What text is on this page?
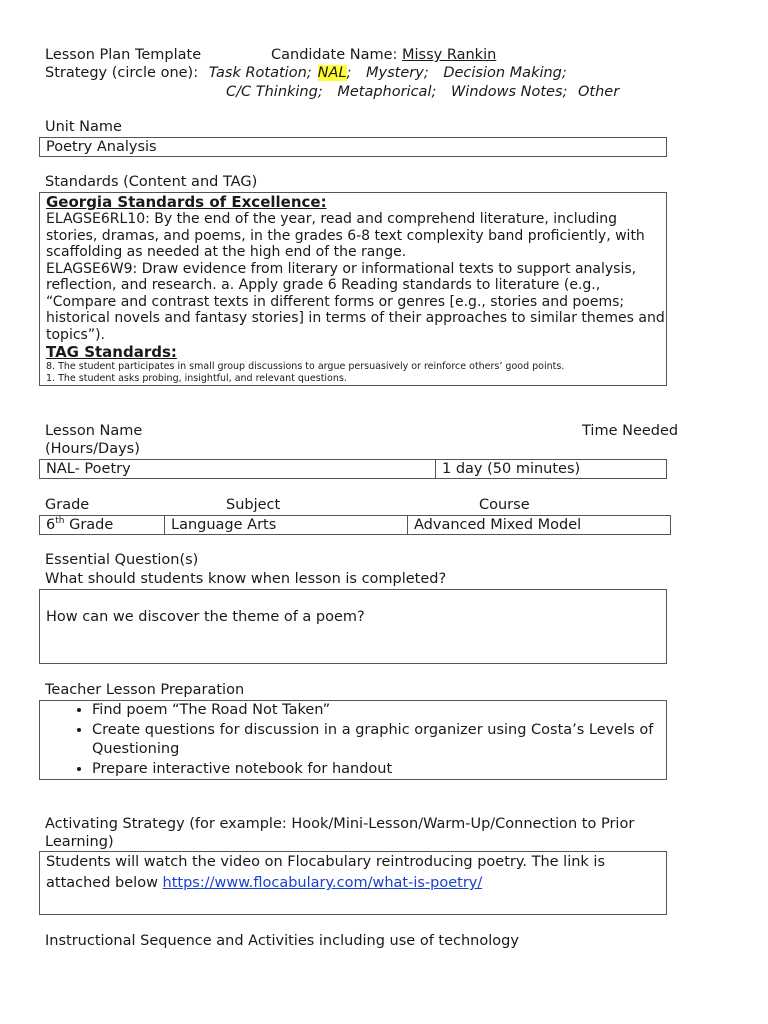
Lesson Plan Template	Candidate Name: Missy Rankin
Strategy (circle one): Task Rotation; NAL; Mystery; Decision Making;
C/C Thinking; Metaphorical; Windows Notes; Other
Unit Name
Poetry Analysis
Standards (Content and TAG)
Georgia Standards of Excellence:
ELAGSE6RL10: By the end of the year, read and comprehend literature, including stories, dramas, and poems, in the grades 6-8 text complexity band proficiently, with scaffolding as needed at the high end of the range.
ELAGSE6W9: Draw evidence from literary or informational texts to support analysis, reflection, and research. a. Apply grade 6 Reading standards to literature (e.g., “Compare and contrast texts in different forms or genres [e.g., stories and poems; historical novels and fantasy stories] in terms of their approaches to similar themes and topics”).
TAG Standards:
8. The student participates in small group discussions to argue persuasively or reinforce others’ good points.
1. The student asks probing, insightful, and relevant questions.
Lesson Name	Time Needed
(Hours/Days)
NAL- Poetry	1 day (50 minutes)
Grade	Subject	Course
6th Grade	Language Arts	Advanced Mixed Model
Essential Question(s)
What should students know when lesson is completed?
How can we discover the theme of a poem?
Teacher Lesson Preparation
• Find poem “The Road Not Taken”
• Create questions for discussion in a graphic organizer using Costa’s Levels of Questioning
• Prepare interactive notebook for handout
Activating Strategy (for example: Hook/Mini-Lesson/Warm-Up/Connection to Prior
Learning)
Students will watch the video on Flocabulary reintroducing poetry. The link is
attached below https://www.flocabulary.com/what-is-poetry/
Instructional Sequence and Activities including use of technology
